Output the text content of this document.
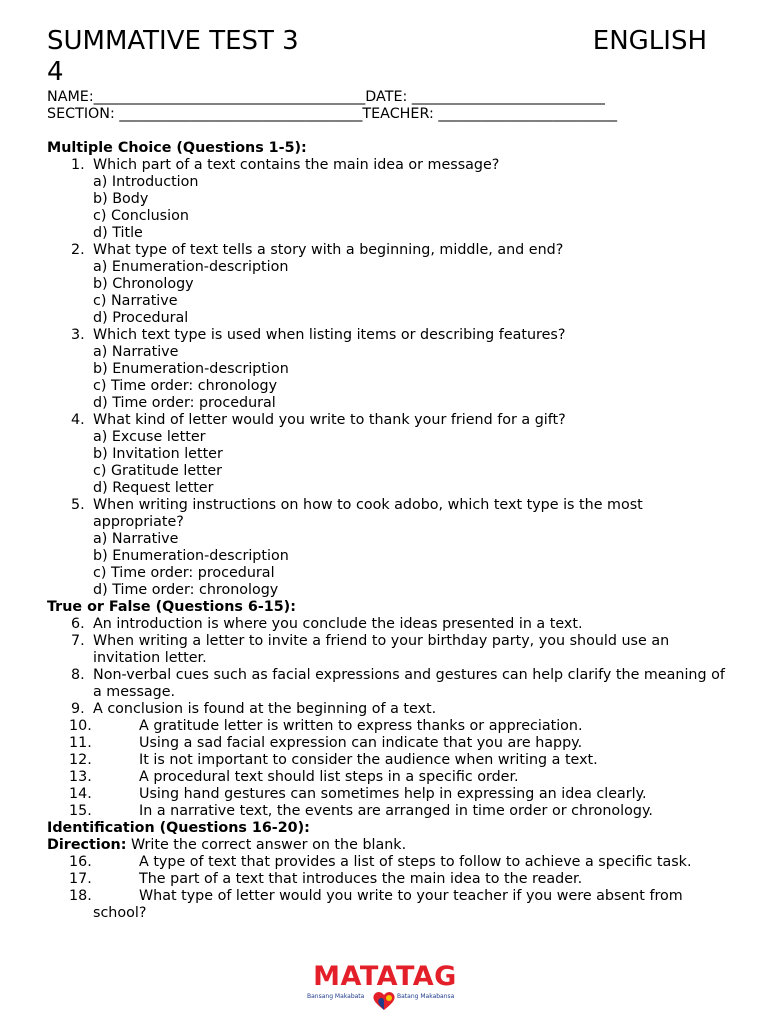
SUMMATIVE TEST 3
4
ENGLISH
NAME:______________________________________DATE: ___________________________
SECTION: __________________________________TEACHER: _________________________
Multiple Choice (Questions 1-5):
1. Which part of a text contains the main idea or message?
a) Introduction
b) Body
c) Conclusion
d) Title
2. What type of text tells a story with a beginning, middle, and end?
a) Enumeration-description
b) Chronology
c) Narrative
d) Procedural
3. Which text type is used when listing items or describing features?
a) Narrative
b) Enumeration-description
c) Time order: chronology
d) Time order: procedural
4. What kind of letter would you write to thank your friend for a gift?
a) Excuse letter
b) Invitation letter
c) Gratitude letter
d) Request letter
5. When writing instructions on how to cook adobo, which text type is the most appropriate?
a) Narrative
b) Enumeration-description
c) Time order: procedural
d) Time order: chronology
True or False (Questions 6-15):
6. An introduction is where you conclude the ideas presented in a text.
7. When writing a letter to invite a friend to your birthday party, you should use an invitation letter.
8. Non-verbal cues such as facial expressions and gestures can help clarify the meaning of a message.
9. A conclusion is found at the beginning of a text.
10.	A gratitude letter is written to express thanks or appreciation.
11.	Using a sad facial expression can indicate that you are happy.
12.	It is not important to consider the audience when writing a text.
13.	A procedural text should list steps in a specific order.
14.	Using hand gestures can sometimes help in expressing an idea clearly.
15.	In a narrative text, the events are arranged in time order or chronology.
Identification (Questions 16-20):
Direction: Write the correct answer on the blank.
16.	A type of text that provides a list of steps to follow to achieve a specific task.
17.	The part of a text that introduces the main idea to the reader.
18.	What type of letter would you write to your teacher if you were absent from school?
MATATAG
Bansang Makabata	Batang Makabansa
